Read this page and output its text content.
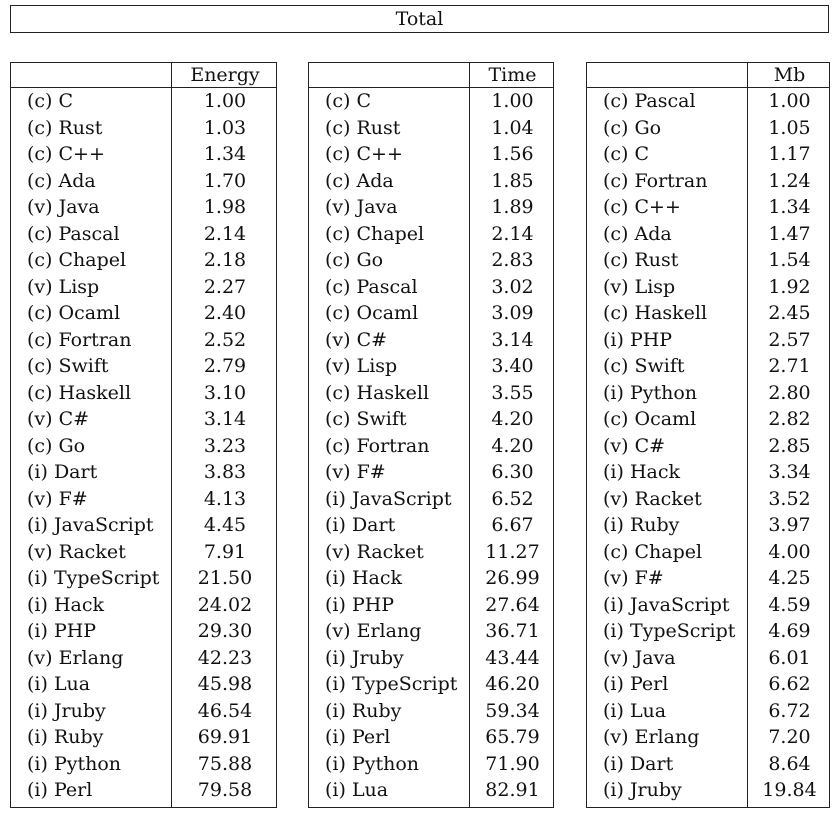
Total
Energy
(c) C	1.00
(c) Rust	1.03
(c) C++	1.34
(c) Ada	1.70
(v) Java	1.98
(c) Pascal	2.14
(c) Chapel	2.18
(v) Lisp	2.27
(c) Ocaml	2.40
(c) Fortran	2.52
(c) Swift	2.79
(c) Haskell	3.10
(v) C#	3.14
(c) Go	3.23
(i) Dart	3.83
(v) F#	4.13
(i) JavaScript	4.45
(v) Racket	7.91
(i) TypeScript	21.50
(i) Hack	24.02
(i) PHP	29.30
(v) Erlang	42.23
(i) Lua	45.98
(i) Jruby	46.54
(i) Ruby	69.91
(i) Python	75.88
(i) Perl	79.58
Time
(c) C	1.00
(c) Rust	1.04
(c) C++	1.56
(c) Ada	1.85
(v) Java	1.89
(c) Chapel	2.14
(c) Go	2.83
(c) Pascal	3.02
(c) Ocaml	3.09
(v) C#	3.14
(v) Lisp	3.40
(c) Haskell	3.55
(c) Swift	4.20
(c) Fortran	4.20
(v) F#	6.30
(i) JavaScript	6.52
(i) Dart	6.67
(v) Racket	11.27
(i) Hack	26.99
(i) PHP	27.64
(v) Erlang	36.71
(i) Jruby	43.44
(i) TypeScript	46.20
(i) Ruby	59.34
(i) Perl	65.79
(i) Python	71.90
(i) Lua	82.91
Mb
(c) Pascal	1.00
(c) Go	1.05
(c) C	1.17
(c) Fortran	1.24
(c) C++	1.34
(c) Ada	1.47
(c) Rust	1.54
(v) Lisp	1.92
(c) Haskell	2.45
(i) PHP	2.57
(c) Swift	2.71
(i) Python	2.80
(c) Ocaml	2.82
(v) C#	2.85
(i) Hack	3.34
(v) Racket	3.52
(i) Ruby	3.97
(c) Chapel	4.00
(v) F#	4.25
(i) JavaScript	4.59
(i) TypeScript	4.69
(v) Java	6.01
(i) Perl	6.62
(i) Lua	6.72
(v) Erlang	7.20
(i) Dart	8.64
(i) Jruby	19.84
